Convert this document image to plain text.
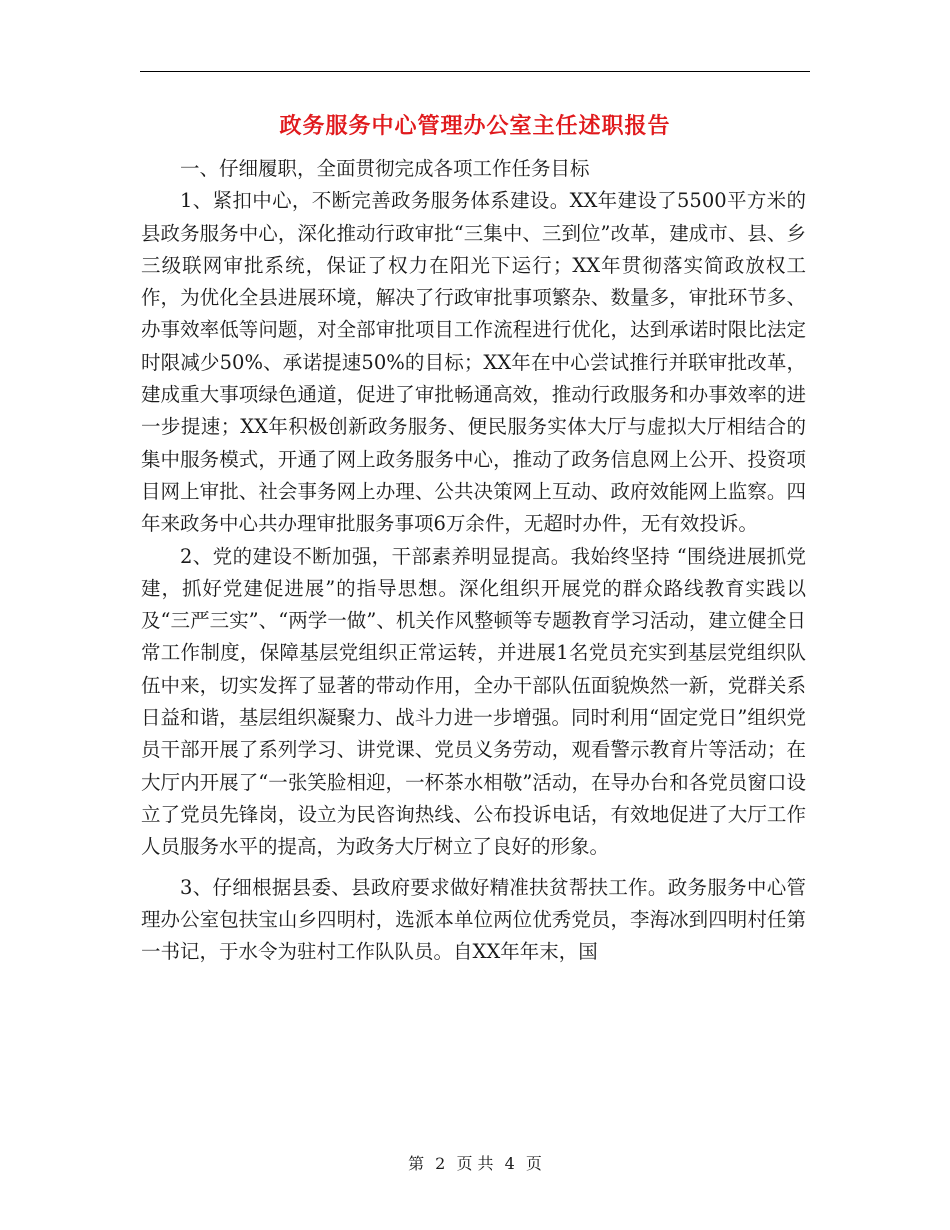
政务服务中心管理办公室主任述职报告

一、仔细履职，全面贯彻完成各项工作任务目标

1、紧扣中心，不断完善政务服务体系建设。XX年建设了5500平方米的县政务服务中心，深化推动行政审批“三集中、三到位”改革，建成市、县、乡三级联网审批系统，保证了权力在阳光下运行；XX年贯彻落实简政放权工作，为优化全县进展环境，解决了行政审批事项繁杂、数量多，审批环节多、办事效率低等问题，对全部审批项目工作流程进行优化，达到承诺时限比法定时限减少50%、承诺提速50%的目标；XX年在中心尝试推行并联审批改革，建成重大事项绿色通道，促进了审批畅通高效，推动行政服务和办事效率的进一步提速；XX年积极创新政务服务、便民服务实体大厅与虚拟大厅相结合的集中服务模式，开通了网上政务服务中心，推动了政务信息网上公开、投资项目网上审批、社会事务网上办理、公共决策网上互动、政府效能网上监察。四年来政务中心共办理审批服务事项6万余件，无超时办件，无有效投诉。

2、党的建设不断加强，干部素养明显提高。我始终坚持 “围绕进展抓党建，抓好党建促进展”的指导思想。深化组织开展党的群众路线教育实践以及“三严三实”、“两学一做”、机关作风整顿等专题教育学习活动，建立健全日常工作制度，保障基层党组织正常运转，并进展1名党员充实到基层党组织队伍中来，切实发挥了显著的带动作用，全办干部队伍面貌焕然一新，党群关系日益和谐，基层组织凝聚力、战斗力进一步增强。同时利用“固定党日”组织党员干部开展了系列学习、讲党课、党员义务劳动，观看警示教育片等活动；在大厅内开展了“一张笑脸相迎，一杯茶水相敬”活动，在导办台和各党员窗口设立了党员先锋岗，设立为民咨询热线、公布投诉电话，有效地促进了大厅工作人员服务水平的提高，为政务大厅树立了良好的形象。

3、仔细根据县委、县政府要求做好精准扶贫帮扶工作。政务服务中心管理办公室包扶宝山乡四明村，选派本单位两位优秀党员，李海冰到四明村任第一书记，于水令为驻村工作队队员。自XX年年末，国

第 2 页 共 4 页
